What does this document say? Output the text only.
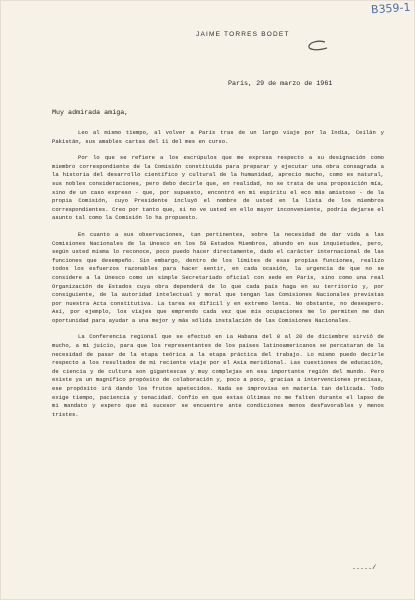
B359-1
JAIME TORRES BODET
París, 29 de marzo de 1961
Muy admirada amiga,

Leo al mismo tiempo, al volver a París tras de un largo viaje por la India, Ceilán y Pakistán, sus amables cartas del 11 del mes en curso.

Por lo que se refiere a los escrúpulos que me expresa respecto a su designación como miembro correspondiente de la Comisión constituida para preparar y ejecutar una obra consagrada a la historia del desarrollo científico y cultural de la humanidad, aprecio mucho, como es natural, sus nobles consideraciones, pero debo decirle que, en realidad, no se trata de una proposición mía, sino de un caso expreso - que, por supuesto, encontró en mi espíritu el eco más amistoso - de la propia Comisión, cuyo Presidente incluyó el nombre de usted en la lista de los miembros correspondientes. Creo por tanto que, si no ve usted en ello mayor inconveniente, podría dejarse el asunto tal como la Comisión lo ha propuesto.

En cuanto a sus observaciones, tan pertinentes, sobre la necesidad de dar vida a las Comisiones Nacionales de la Unesco en los 59 Estados Miembros, abundo en sus inquietudes, pero, según usted misma lo reconoce, poco puedo hacer directamente, dado el carácter internacional de las funciones que desempeño. Sin embargo, dentro de los límites de esas propias funciones, realizo todos los esfuerzos razonables para hacer sentir, en cada ocasión, la urgencia de que no se considere a la Unesco como un simple Secretariado oficial con sede en París, sino como una real Organización de Estados cuya obra dependerá de lo que cada país haga en su territorio y, por consiguiente, de la autoridad intelectual y moral que tengan las Comisiones Nacionales previstas por nuestra Acta constitutiva. La tarea es difícil y en extremo lenta. No obstante, no desespero. Así, por ejemplo, los viajes que emprendo cada vez que mis ocupaciones me lo permiten me dan oportunidad para ayudar a una mejor y más sólida instalación de las Comisiones Nacionales.

La Conferencia regional que se efectuó en La Habana del 8 al 20 de diciembre sirvió de mucho, a mi juicio, para que los representantes de los países latinoamericanos se percataran de la necesidad de pasar de la etapa teórica a la etapa práctica del trabajo. Lo mismo puedo decirle respecto a los resultados de mi reciente viaje por el Asia meridional. Las cuestiones de educación, de ciencia y de cultura son gigantescas y muy complejas en esa importante región del mundo. Pero existe ya un magnífico propósito de colaboración y, poco a poco, gracias a intervenciones precisas, ese propósito irá dando los frutos apetecidos. Nada se improvisa en materia tan delicada. Todo exige tiempo, paciencia y tenacidad. Confío en que estas últimas no me falten durante el lapso de mi mandato y espero que mi sucesor se encuentre ante condiciones menos desfavorables y menos tristes.

...../
